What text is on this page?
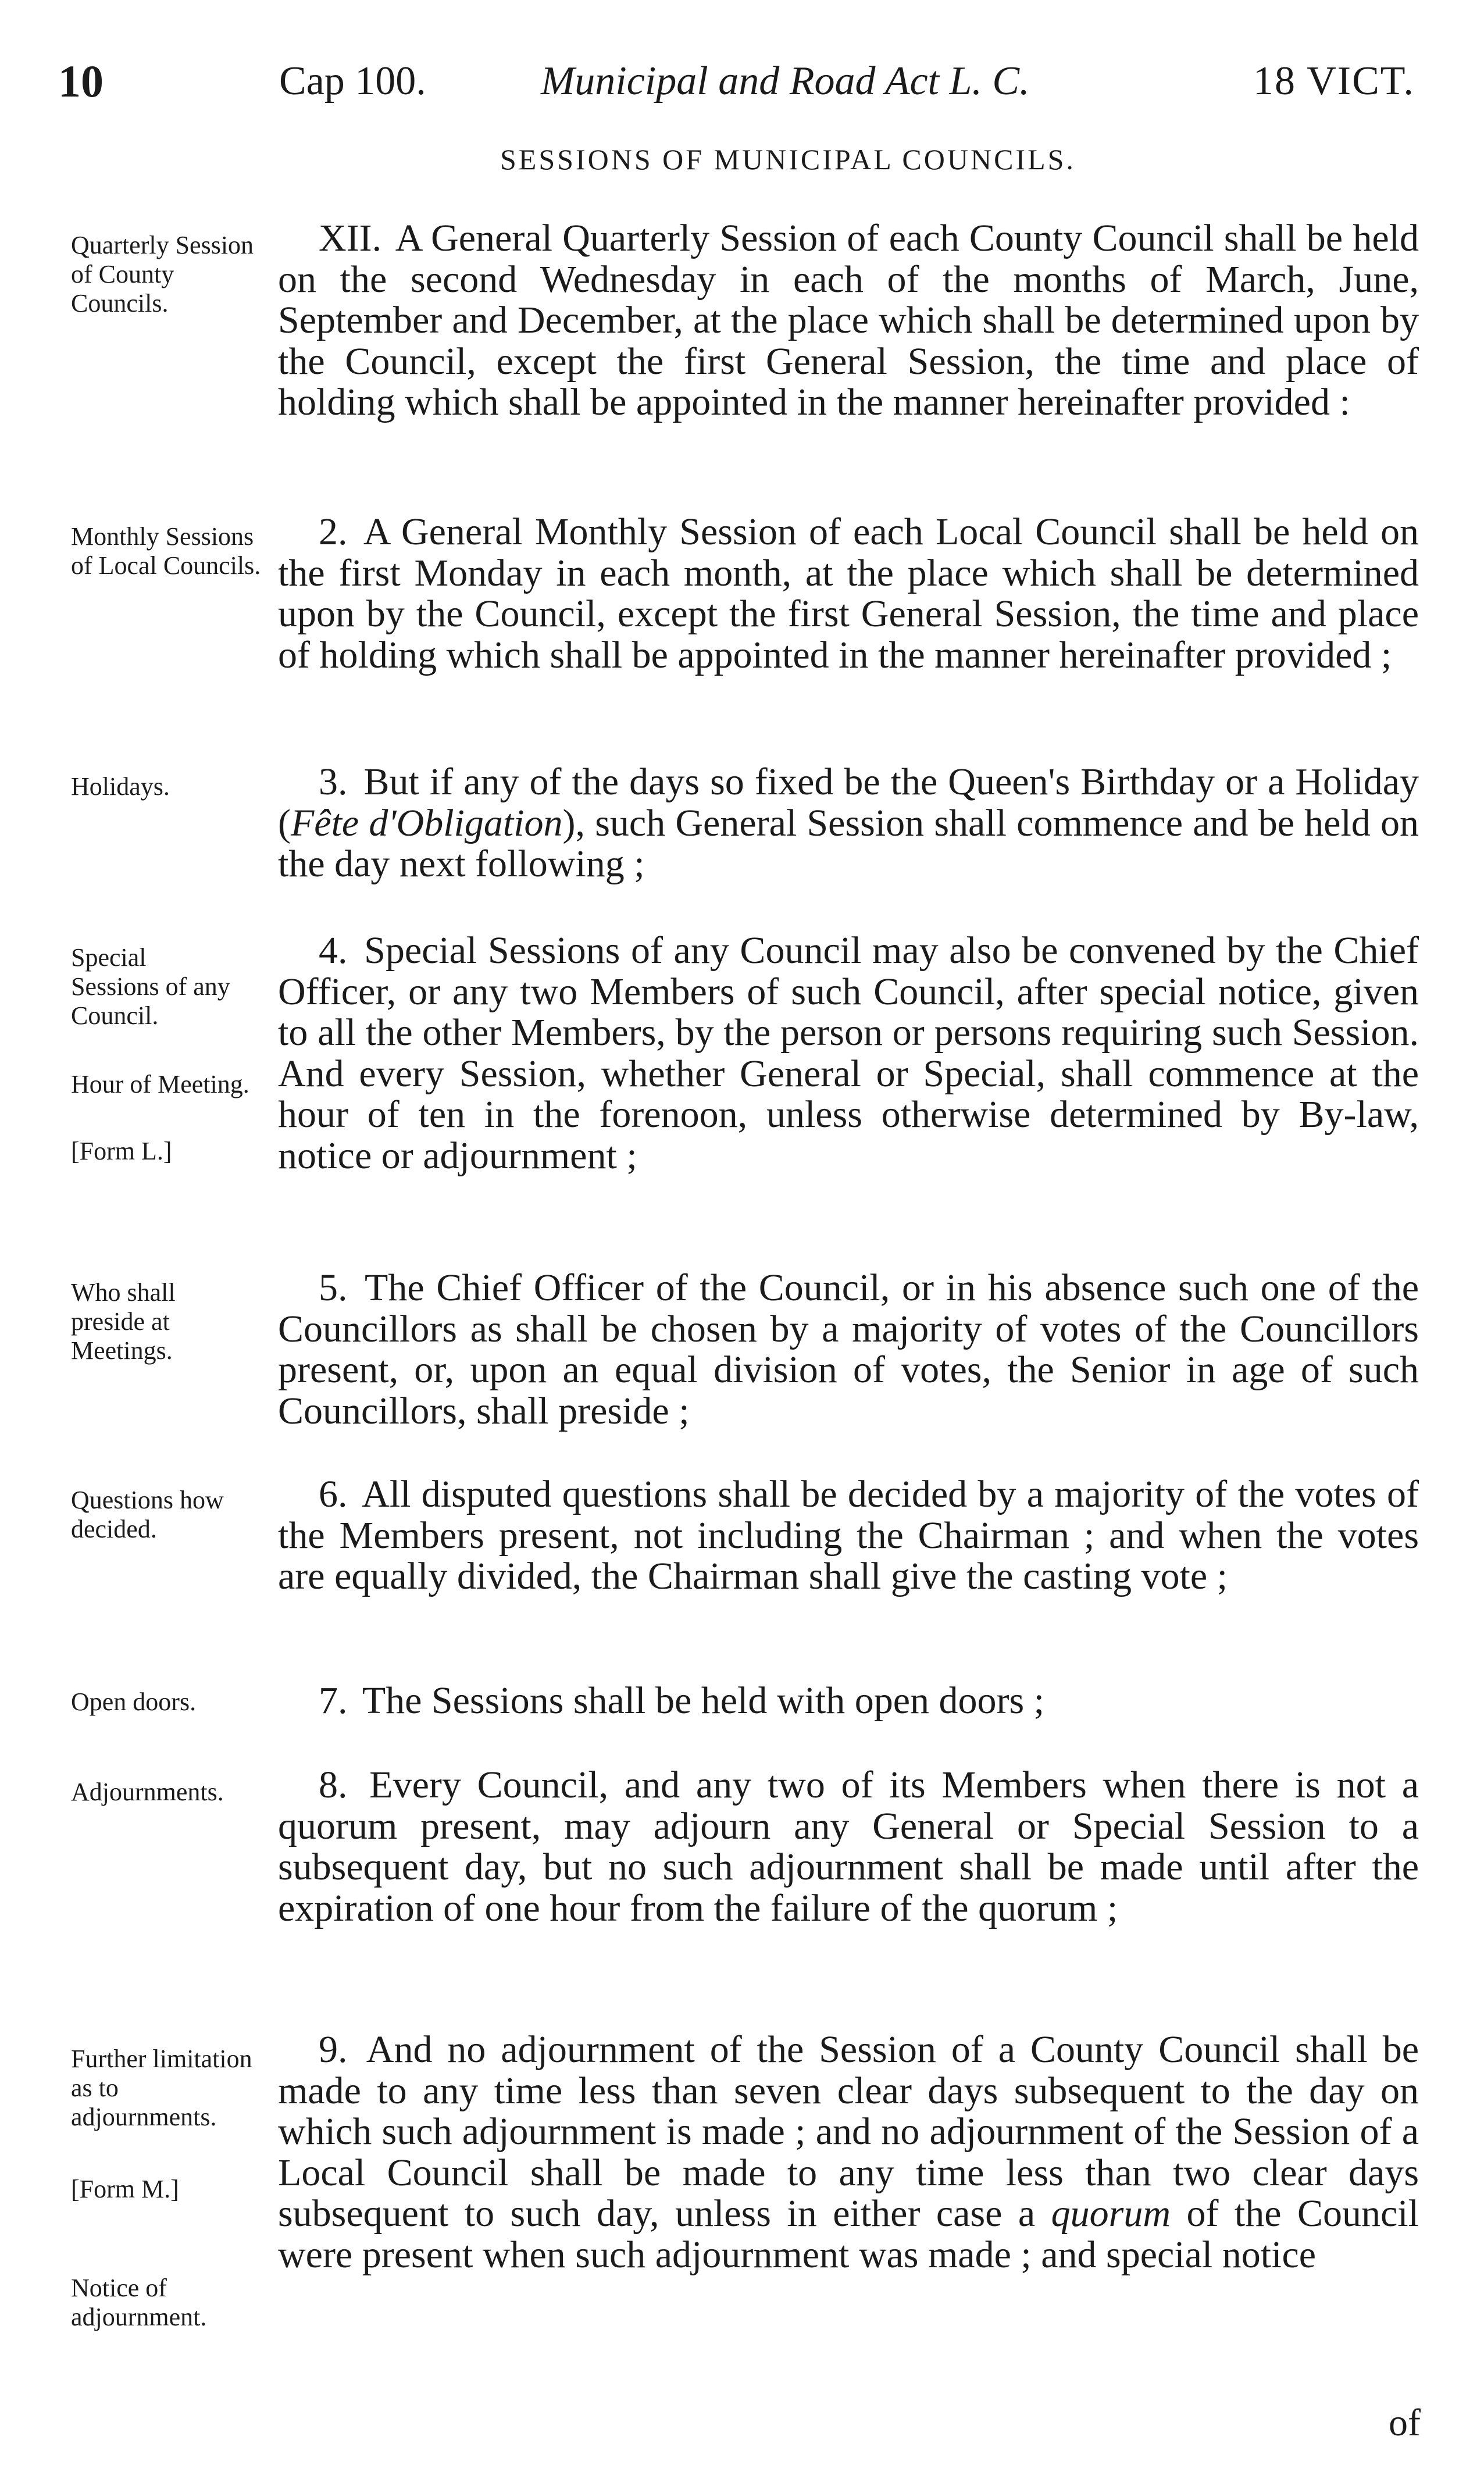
10	Cap 100.	Municipal and Road Act L. C.	18 VICT.
SESSIONS OF MUNICIPAL COUNCILS.
Quarterly Session of County Councils.
XII. A General Quarterly Session of each County Council shall be held on the second Wednesday in each of the months of March, June, September and December, at the place which shall be determined upon by the Council, except the first General Session, the time and place of holding which shall be appointed in the manner hereinafter provided :
Monthly Sessions of Local Councils.
2. A General Monthly Session of each Local Council shall be held on the first Monday in each month, at the place which shall be determined upon by the Council, except the first General Session, the time and place of holding which shall be appointed in the manner hereinafter provided ;
Holidays.	3. But if any of the days so fixed be the Queen's Birthday or a Holiday (Fête d'Obligation), such General Session shall commence and be held on the day next following ;
Special Sessions of any Council.
Hour of Meeting.
[Form L.]
4. Special Sessions of any Council may also be convened by the Chief Officer, or any two Members of such Council, after special notice, given to all the other Members, by the person or persons requiring such Session. And every Session, whether General or Special, shall commence at the hour of ten in the forenoon, unless otherwise determined by By-law, notice or adjournment ;
Who shall preside at Meetings.
5. The Chief Officer of the Council, or in his absence such one of the Councillors as shall be chosen by a majority of votes of the Councillors present, or, upon an equal division of votes, the Senior in age of such Councillors, shall preside ;
Questions how decided.
6. All disputed questions shall be decided by a majority of the votes of the Members present, not including the Chairman ; and when the votes are equally divided, the Chairman shall give the casting vote ;
Open doors.	7. The Sessions shall be held with open doors ;
Adjournments.	8. Every Council, and any two of its Members when there is not a quorum present, may adjourn any General or Special Session to a subsequent day, but no such adjournment shall be made until after the expiration of one hour from the failure of the quorum ;
Further limitation as to adjournments.
[Form M.]
Notice of adjournment.
9. And no adjournment of the Session of a County Council shall be made to any time less than seven clear days subsequent to the day on which such adjournment is made ; and no adjournment of the Session of a Local Council shall be made to any time less than two clear days subsequent to such day, unless in either case a quorum of the Council were present when such adjournment was made ; and special notice
of
